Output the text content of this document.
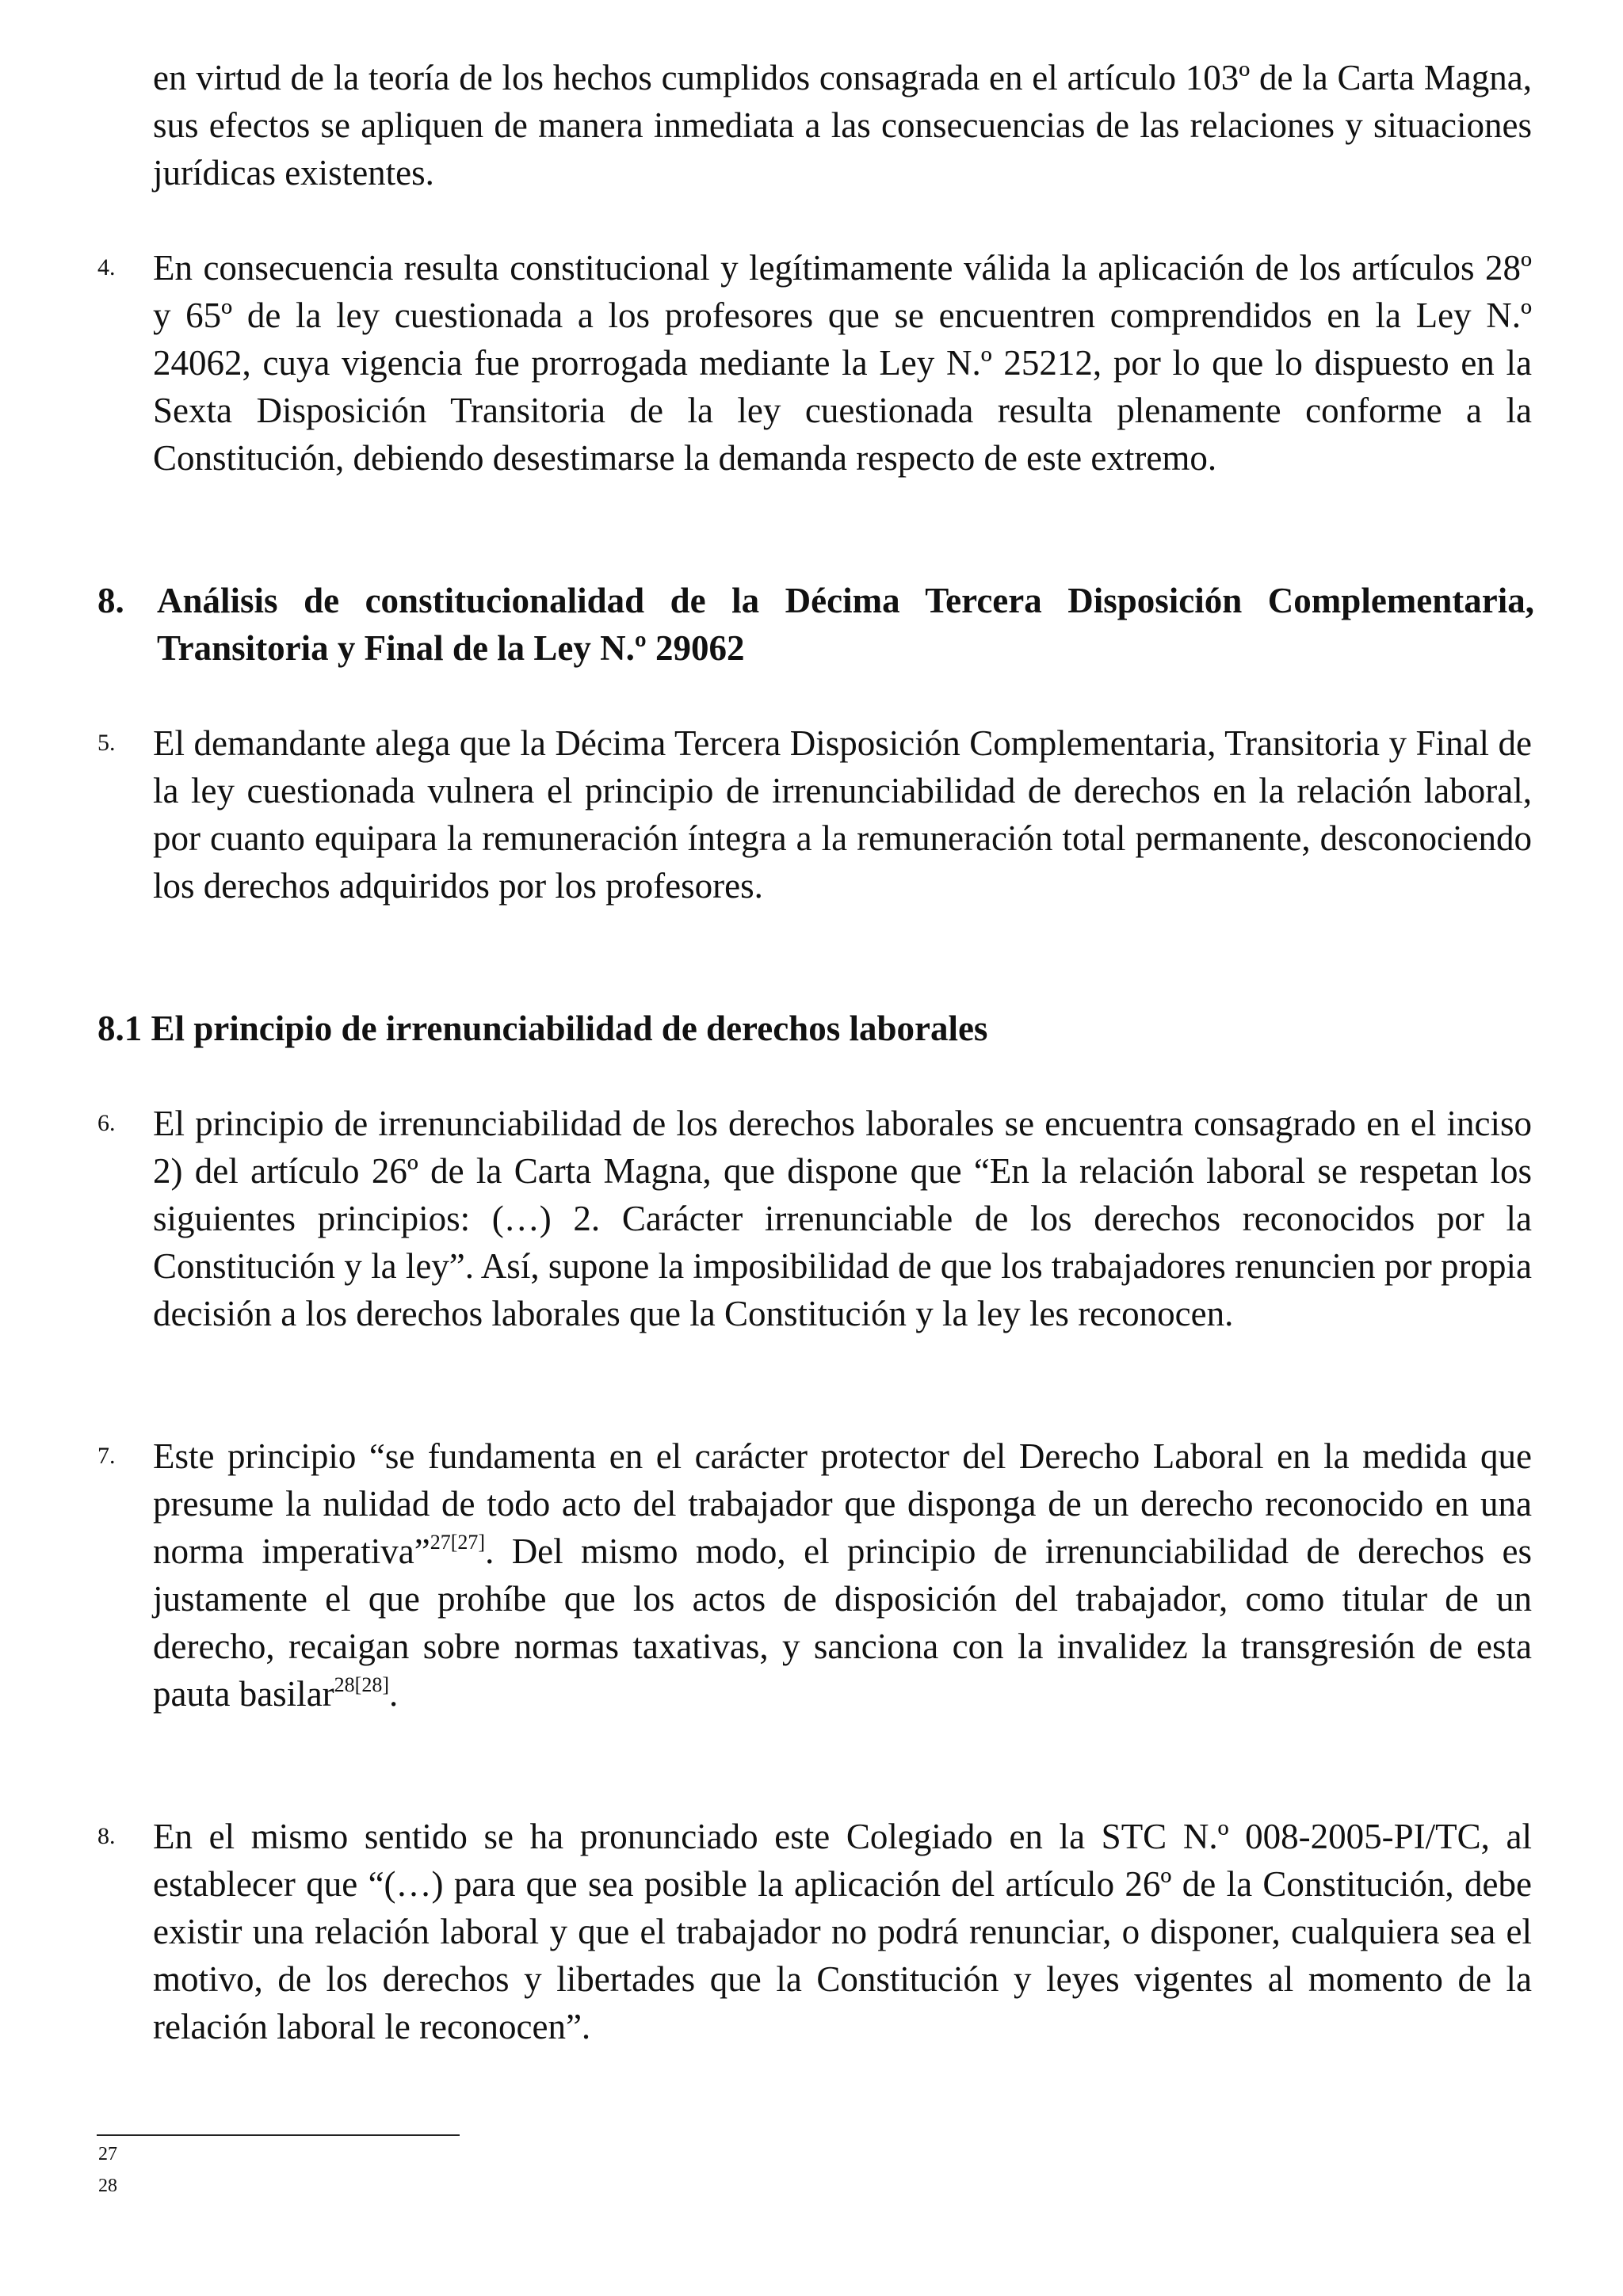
en virtud de la teoría de los hechos cumplidos consagrada en el artículo 103º de la Carta Magna, sus efectos se apliquen de manera inmediata a las consecuencias de las relaciones y situaciones jurídicas existentes.

4. En consecuencia resulta constitucional y legítimamente válida la aplicación de los artículos 28º y 65º de la ley cuestionada a los profesores que se encuentren comprendidos en la Ley N.º 24062, cuya vigencia fue prorrogada mediante la Ley N.º 25212, por lo que lo dispuesto en la Sexta Disposición Transitoria de la ley cuestionada resulta plenamente conforme a la Constitución, debiendo desestimarse la demanda respecto de este extremo.

8. Análisis de constitucionalidad de la Décima Tercera Disposición Complementaria, Transitoria y Final de la Ley N.º 29062

5. El demandante alega que la Décima Tercera Disposición Complementaria, Transitoria y Final de la ley cuestionada vulnera el principio de irrenunciabilidad de derechos en la relación laboral, por cuanto equipara la remuneración íntegra a la remuneración total permanente, desconociendo los derechos adquiridos por los profesores.

8.1 El principio de irrenunciabilidad de derechos laborales

6. El principio de irrenunciabilidad de los derechos laborales se encuentra consagrado en el inciso 2) del artículo 26º de la Carta Magna, que dispone que “En la relación laboral se respetan los siguientes principios: (…) 2. Carácter irrenunciable de los derechos reconocidos por la Constitución y la ley”. Así, supone la imposibilidad de que los trabajadores renuncien por propia decisión a los derechos laborales que la Constitución y la ley les reconocen.

7. Este principio “se fundamenta en el carácter protector del Derecho Laboral en la medida que presume la nulidad de todo acto del trabajador que disponga de un derecho reconocido en una norma imperativa”$^{27[27]}$. Del mismo modo, el principio de irrenunciabilidad de derechos es justamente el que prohíbe que los actos de disposición del trabajador, como titular de un derecho, recaigan sobre normas taxativas, y sanciona con la invalidez la transgresión de esta pauta basilar$^{28[28]}$.

8. En el mismo sentido se ha pronunciado este Colegiado en la STC N.º 008-2005-PI/TC, al establecer que “(…) para que sea posible la aplicación del artículo 26º de la Constitución, debe existir una relación laboral y que el trabajador no podrá renunciar, o disponer, cualquiera sea el motivo, de los derechos y libertades que la Constitución y leyes vigentes al momento de la relación laboral le reconocen”.

27
28
